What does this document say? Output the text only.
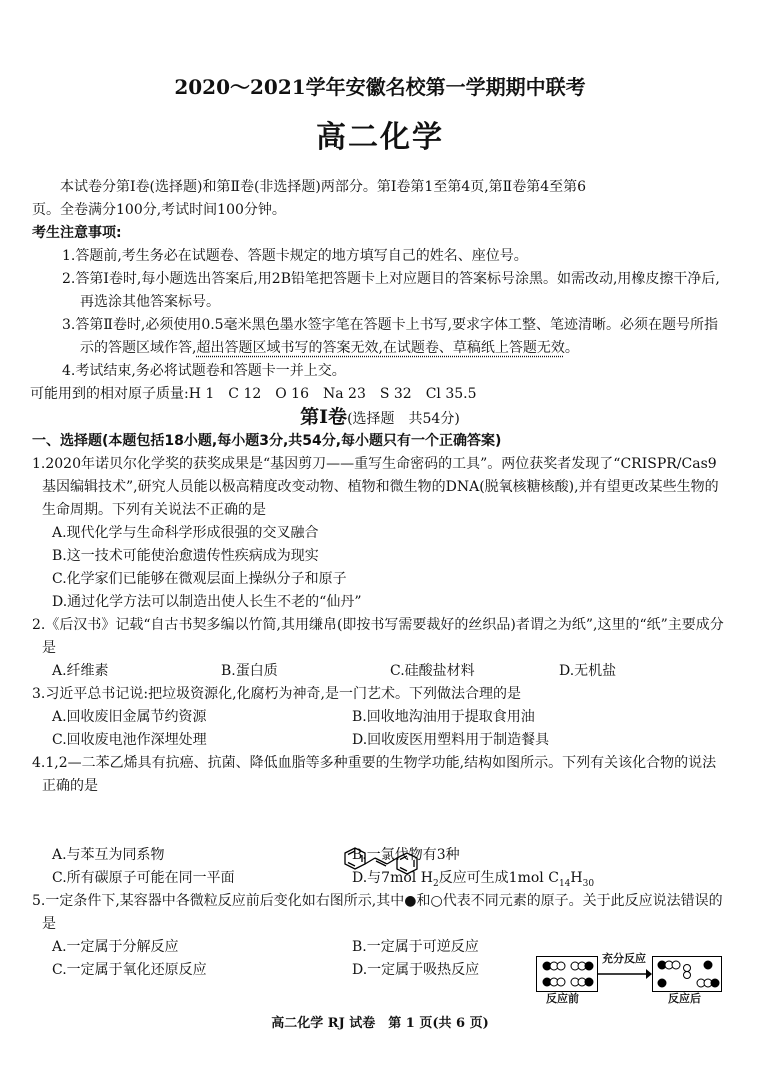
2020～2021学年安徽名校第一学期期中联考
高二化学

本试卷分第Ⅰ卷(选择题)和第Ⅱ卷(非选择题)两部分。第Ⅰ卷第1至第4页,第Ⅱ卷第4至第6

页。全卷满分100分,考试时间100分钟。

考生注意事项:

1.答题前,考生务必在试题卷、答题卡规定的地方填写自己的姓名、座位号。

2.答第Ⅰ卷时,每小题选出答案后,用2B铅笔把答题卡上对应题目的答案标号涂黑。如需改动,用橡皮擦干净后,再选涂其他答案标号。

3.答第Ⅱ卷时,必须使用0.5毫米黑色墨水签字笔在答题卡上书写,要求字体工整、笔迹清晰。必须在题号所指示的答题区域作答,超出答题区域书写的答案无效,在试题卷、草稿纸上答题无效。

4.考试结束,务必将试题卷和答题卡一并上交。

可能用到的相对原子质量:H 1　C 12　O 16　Na 23　S 32　Cl 35.5

第Ⅰ卷(选择题　共54分)

一、选择题(本题包括18小题,每小题3分,共54分,每小题只有一个正确答案)

1.2020年诺贝尔化学奖的获奖成果是“基因剪刀——重写生命密码的工具”。两位获奖者发现了“CRISPR/Cas9基因编辑技术”,研究人员能以极高精度改变动物、植物和微生物的DNA(脱氧核糖核酸),并有望更改某些生物的生命周期。下列有关说法不正确的是

A.现代化学与生命科学形成很强的交叉融合

B.这一技术可能使治愈遗传性疾病成为现实

C.化学家们已能够在微观层面上操纵分子和原子

D.通过化学方法可以制造出使人长生不老的“仙丹”

2.《后汉书》记载“自古书契多编以竹简,其用缣帛(即按书写需要裁好的丝织品)者谓之为纸”,这里的“纸”主要成分是

A.纤维素	B.蛋白质	C.硅酸盐材料	D.无机盐

3.习近平总书记说:把垃圾资源化,化腐朽为神奇,是一门艺术。下列做法合理的是

A.回收废旧金属节约资源	B.回收地沟油用于提取食用油
C.回收废电池作深埋处理	D.回收废医用塑料用于制造餐具

4.1,2—二苯乙烯具有抗癌、抗菌、降低血脂等多种重要的生物学功能,结构如图所示。下列有关该化合物的说法正确的是

A.与苯互为同系物	B.一氯代物有3种
C.所有碳原子可能在同一平面	D.与7mol $H_2$反应可生成1mol $C_{14}H_{30}$

5.一定条件下,某容器中各微粒反应前后变化如右图所示,其中●和○代表不同元素的原子。关于此反应说法错误的是

A.一定属于分解反应	B.一定属于可逆反应
C.一定属于氧化还原反应	D.一定属于吸热反应
充分反应
反应前	反应后
高二化学 RJ 试卷　第 1 页(共 6 页)
